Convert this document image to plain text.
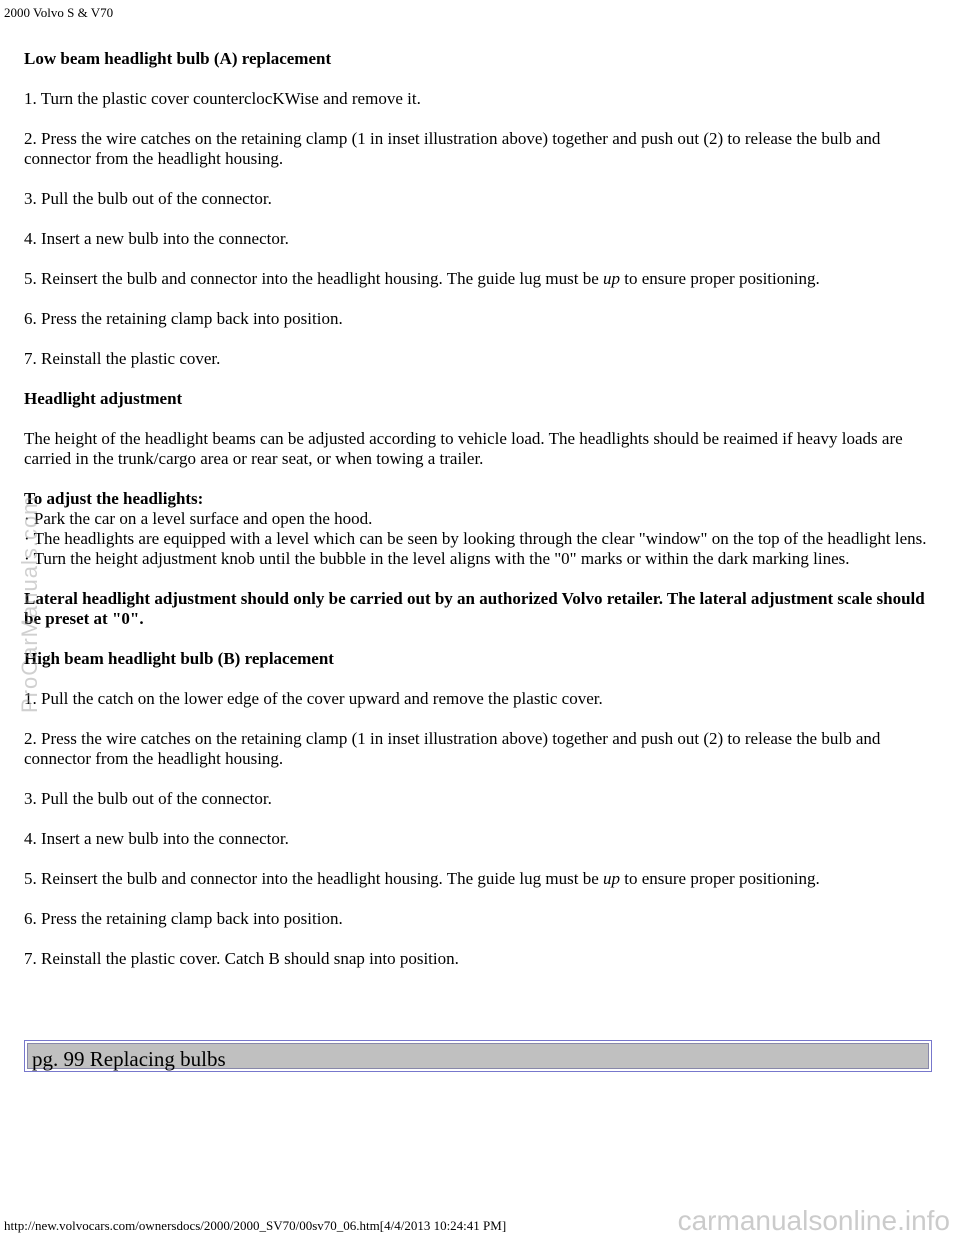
2000 Volvo S & V70

Low beam headlight bulb (A) replacement

1. Turn the plastic cover counterclocKWise and remove it.

2. Press the wire catches on the retaining clamp (1 in inset illustration above) together and push out (2) to release the bulb and connector from the headlight housing.

3. Pull the bulb out of the connector.

4. Insert a new bulb into the connector.

5. Reinsert the bulb and connector into the headlight housing. The guide lug must be up to ensure proper positioning.

6. Press the retaining clamp back into position.

7. Reinstall the plastic cover.

Headlight adjustment

The height of the headlight beams can be adjusted according to vehicle load. The headlights should be reaimed if heavy loads are carried in the trunk/cargo area or rear seat, or when towing a trailer.

To adjust the headlights:

· Park the car on a level surface and open the hood.

· The headlights are equipped with a level which can be seen by looking through the clear "window" on the top of the headlight lens.

· Turn the height adjustment knob until the bubble in the level aligns with the "0" marks or within the dark marking lines.

Lateral headlight adjustment should only be carried out by an authorized Volvo retailer. The lateral adjustment scale should be preset at "0".

High beam headlight bulb (B) replacement

1. Pull the catch on the lower edge of the cover upward and remove the plastic cover.

2. Press the wire catches on the retaining clamp (1 in inset illustration above) together and push out (2) to release the bulb and connector from the headlight housing.

3. Pull the bulb out of the connector.

4. Insert a new bulb into the connector.

5. Reinsert the bulb and connector into the headlight housing. The guide lug must be up to ensure proper positioning.

6. Press the retaining clamp back into position.

7. Reinstall the plastic cover. Catch B should snap into position.

pg. 99 Replacing bulbs
ProCarManuals.com
carmanualsonline.info
http://new.volvocars.com/ownersdocs/2000/2000_SV70/00sv70_06.htm[4/4/2013 10:24:41 PM]
